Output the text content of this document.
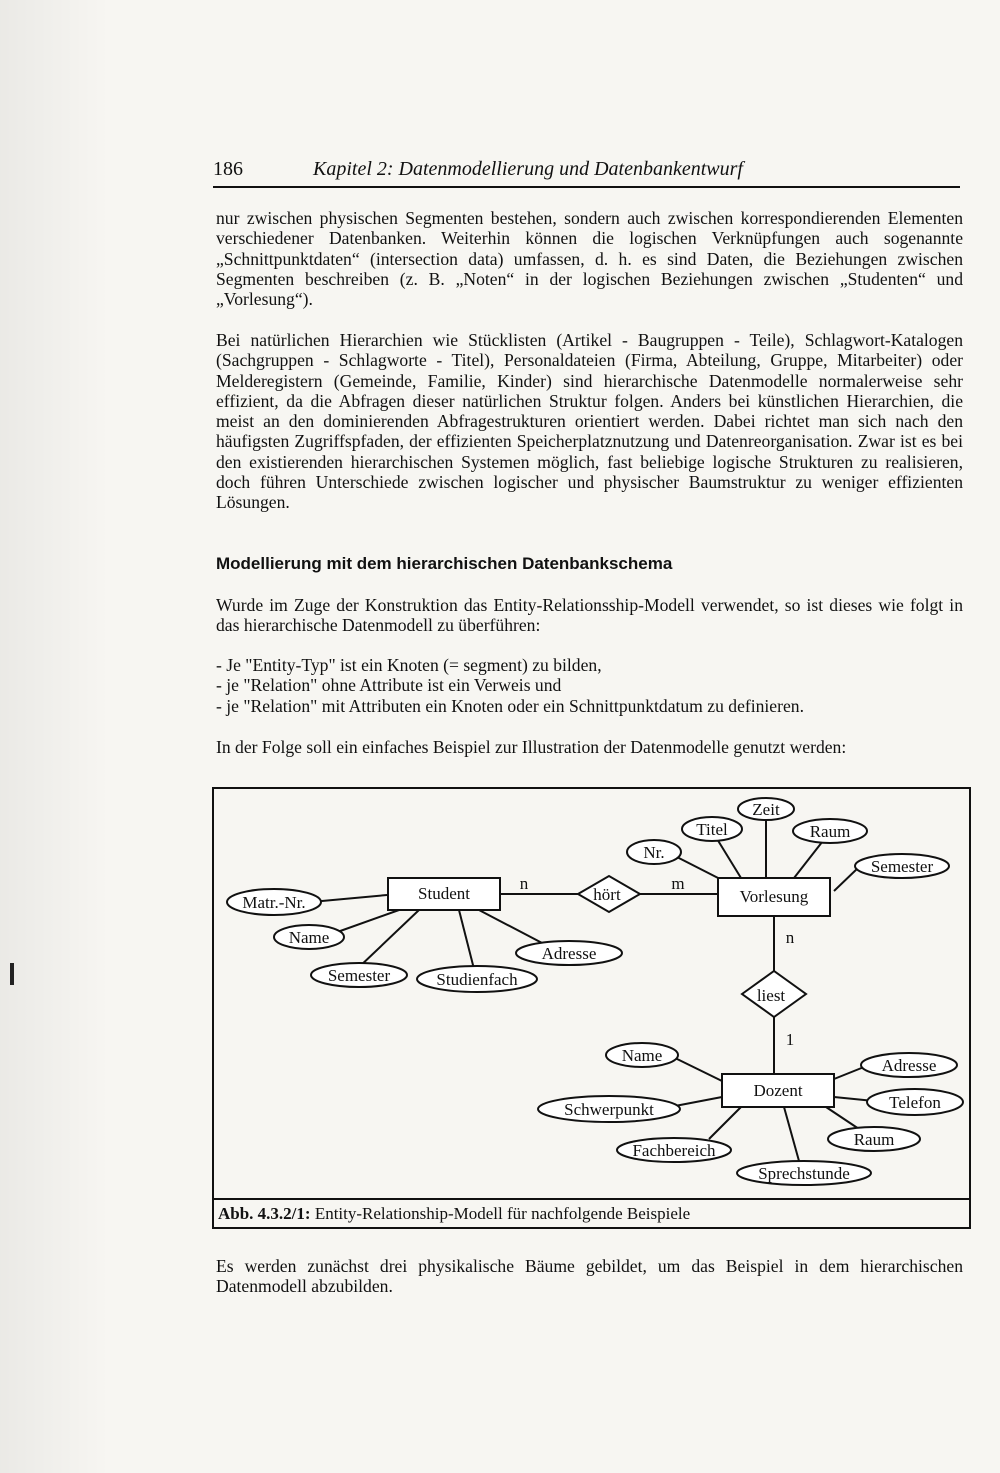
186	Kapitel 2: Datenmodellierung und Datenbankentwurf

nur zwischen physischen Segmenten bestehen, sondern auch zwischen korrespondierenden Elementen verschiedener Datenbanken. Weiterhin können die logischen Verknüpfungen auch sogenannte „Schnittpunktdaten“ (intersection data) umfassen, d. h. es sind Daten, die Beziehungen zwischen Segmenten beschreiben (z. B. „Noten“ in der logischen Beziehungen zwischen „Studenten“ und „Vorlesung“).

Bei natürlichen Hierarchien wie Stücklisten (Artikel - Baugruppen - Teile), Schlagwort-Katalogen (Sachgruppen - Schlagworte - Titel), Personaldateien (Firma, Abteilung, Gruppe, Mitarbeiter) oder Melderegistern (Gemeinde, Familie, Kinder) sind hierarchische Datenmodelle normalerweise sehr effizient, da die Abfragen dieser natürlichen Struktur folgen. Anders bei künstlichen Hierarchien, die meist an den dominierenden Abfragestrukturen orientiert werden. Dabei richtet man sich nach den häufigsten Zugriffspfaden, der effizienten Speicherplatznutzung und Datenreorganisation. Zwar ist es bei den existierenden hierarchischen Systemen möglich, fast beliebige logische Strukturen zu realisieren, doch führen Unterschiede zwischen logischer und physischer Baumstruktur zu weniger effizienten Lösungen.

Modellierung mit dem hierarchischen Datenbankschema

Wurde im Zuge der Konstruktion das Entity-Relationsship-Modell verwendet, so ist dieses wie folgt in das hierarchische Datenmodell zu überführen:

- Je "Entity-Typ" ist ein Knoten (= segment) zu bilden,
- je "Relation" ohne Attribute ist ein Verweis und
- je "Relation" mit Attributen ein Knoten oder ein Schnittpunktdatum zu definieren.

In der Folge soll ein einfaches Beispiel zur Illustration der Datenmodelle genutzt werden:

Student	Vorlesung
Dozent
hört
liest
n	m
n
1
Matr.-Nr.
Name
Semester	Studienfach
Adresse
Nr.
Titel
Zeit
Raum
Semester
Name
Schwerpunkt
Fachbereich
Sprechstunde
Raum
Telefon
Adresse
Abb. 4.3.2/1: Entity-Relationship-Modell für nachfolgende Beispiele

Es werden zunächst drei physikalische Bäume gebildet, um das Beispiel in dem hierarchischen Datenmodell abzubilden.
